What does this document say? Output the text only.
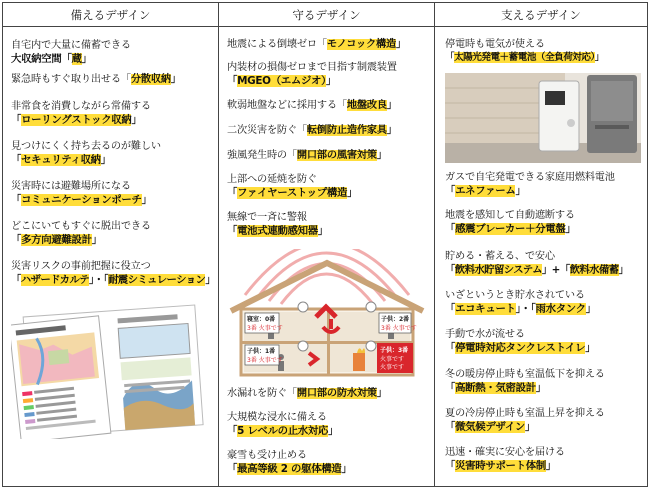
備えるデザイン
自宅内で大量に備蓄できる
大収納空間「蔵」
緊急時もすぐ取り出せる「分散収納」
非常食を消費しながら常備する
「ローリングストック収納」
見つけにくく持ち去るのが難しい
「セキュリティ収納」
災害時には避難場所になる
「コミュニケーションポーチ」
どこにいてもすぐに脱出できる
「多方向避難設計」
災害リスクの事前把握に役立つ
「ハザードカルテ」・「耐震シミュレーション」
守るデザイン
地震による倒壊ゼロ「モノコック構造」
内装材の損傷ゼロまで目指す制震装置
「MGEO（エムジオ）」
軟弱地盤などに採用する「地盤改良」
二次災害を防ぐ「転倒防止造作家具」
強風発生時の「開口部の風害対策」
上部への延焼を防ぐ
「ファイヤーストップ構造」
無線で一斉に警報
「電池式連動感知器」
寝室：0番
3番 火事です
子供：2番
3番 火事です
子供：1番
3番 火事です
子供：3番
火事です
火事です
水漏れを防ぐ「開口部の防水対策」
大規模な浸水に備える
「5 レベルの止水対応」
豪雪も受け止める
「最高等級 2 の躯体構造」
支えるデザイン
停電時も電気が使える
「太陽光発電＋蓄電池（全負荷対応）」
ガスで自宅発電できる家庭用燃料電池
「エネファーム」
地震を感知して自動遮断する
「感震ブレーカー＋分電盤」
貯める・蓄える、で安心
「飲料水貯留システム」+「飲料水備蓄」
いざというとき貯水されている
「エコキュート」・「雨水タンク」
手動で水が流せる
「停電時対応タンクレストイレ」
冬の暖房停止時も室温低下を抑える
「高断熱・気密設計」
夏の冷房停止時も室温上昇を抑える
「微気候デザイン」
迅速・確実に安心を届ける
「災害時サポート体制」
